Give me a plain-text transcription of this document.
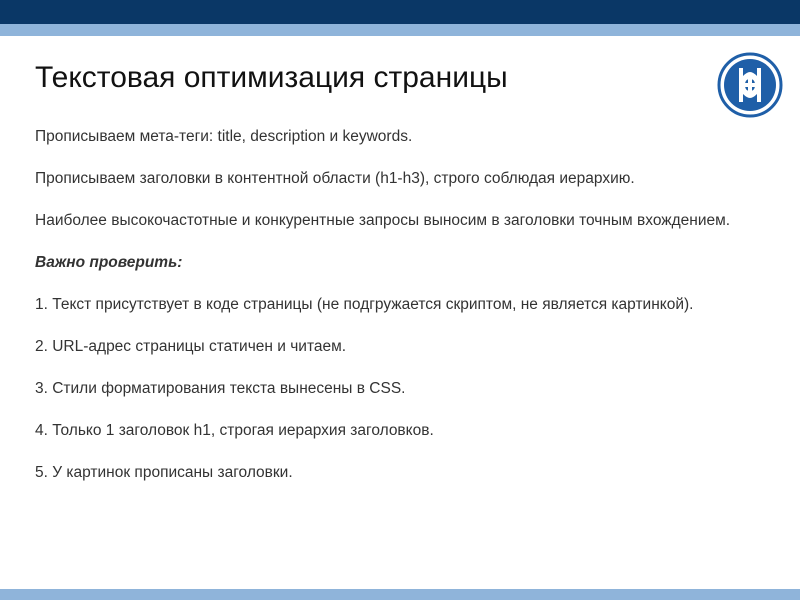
Текстовая оптимизация страницы

Прописываем мета-теги: title, description и keywords.

Прописываем заголовки в контентной области (h1-h3), строго соблюдая иерархию.

Наиболее высокочастотные и конкурентные запросы выносим в заголовки точным вхождением.

Важно проверить:

1. Текст присутствует в коде страницы (не подгружается скриптом, не является картинкой).

2. URL-адрес страницы статичен и читаем.

3. Стили форматирования текста вынесены в CSS.

4. Только 1 заголовок h1, строгая иерархия заголовков.

5. У картинок прописаны заголовки.
